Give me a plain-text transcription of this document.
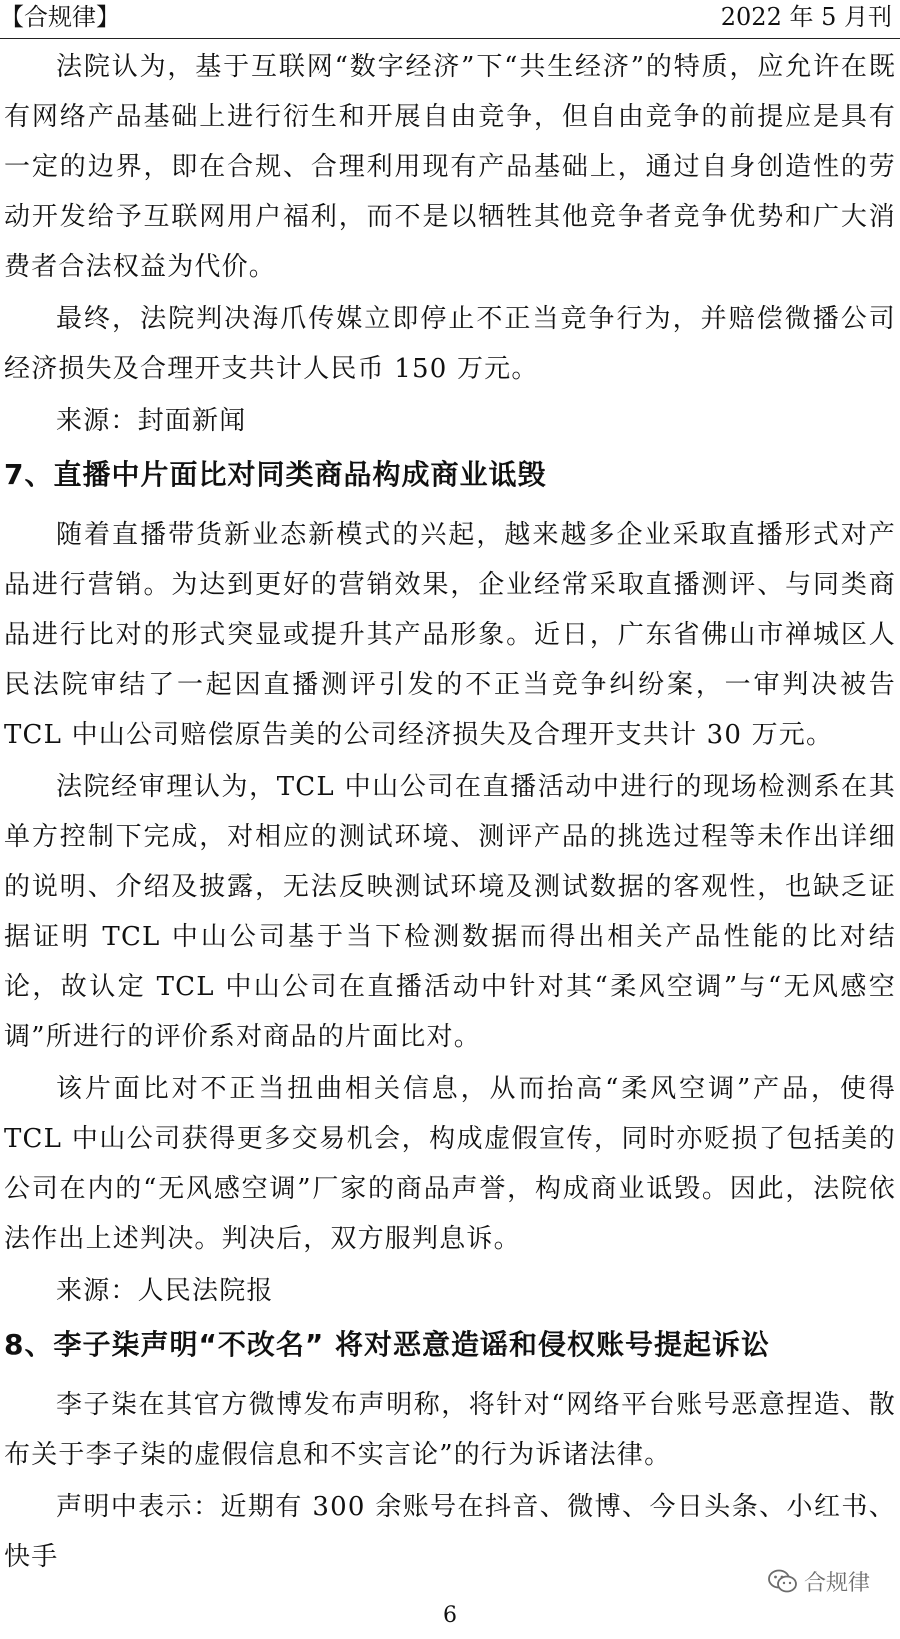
【合规律】	2022 年 5 月刊

法院认为，基于互联网“数字经济”下“共生经济”的特质，应允许在既有网络产品基础上进行衍生和开展自由竞争，但自由竞争的前提应是具有一定的边界，即在合规、合理利用现有产品基础上，通过自身创造性的劳动开发给予互联网用户福利，而不是以牺牲其他竞争者竞争优势和广大消费者合法权益为代价。

最终，法院判决海爪传媒立即停止不正当竞争行为，并赔偿微播公司经济损失及合理开支共计人民币 150 万元。

来源：封面新闻

7、直播中片面比对同类商品构成商业诋毁

随着直播带货新业态新模式的兴起，越来越多企业采取直播形式对产品进行营销。为达到更好的营销效果，企业经常采取直播测评、与同类商品进行比对的形式突显或提升其产品形象。近日，广东省佛山市禅城区人民法院审结了一起因直播测评引发的不正当竞争纠纷案，一审判决被告 TCL 中山公司赔偿原告美的公司经济损失及合理开支共计 30 万元。

法院经审理认为，TCL 中山公司在直播活动中进行的现场检测系在其单方控制下完成，对相应的测试环境、测评产品的挑选过程等未作出详细的说明、介绍及披露，无法反映测试环境及测试数据的客观性，也缺乏证据证明 TCL 中山公司基于当下检测数据而得出相关产品性能的比对结论，故认定 TCL 中山公司在直播活动中针对其“柔风空调”与“无风感空调”所进行的评价系对商品的片面比对。

该片面比对不正当扭曲相关信息，从而抬高“柔风空调”产品，使得 TCL 中山公司获得更多交易机会，构成虚假宣传，同时亦贬损了包括美的公司在内的“无风感空调”厂家的商品声誉，构成商业诋毁。因此，法院依法作出上述判决。判决后，双方服判息诉。

来源：人民法院报

8、李子柒声明“不改名” 将对恶意造谣和侵权账号提起诉讼

李子柒在其官方微博发布声明称，将针对“网络平台账号恶意捏造、散布关于李子柒的虚假信息和不实言论”的行为诉诸法律。

声明中表示：近期有 300 余账号在抖音、微博、今日头条、小红书、快手

合规律
6
